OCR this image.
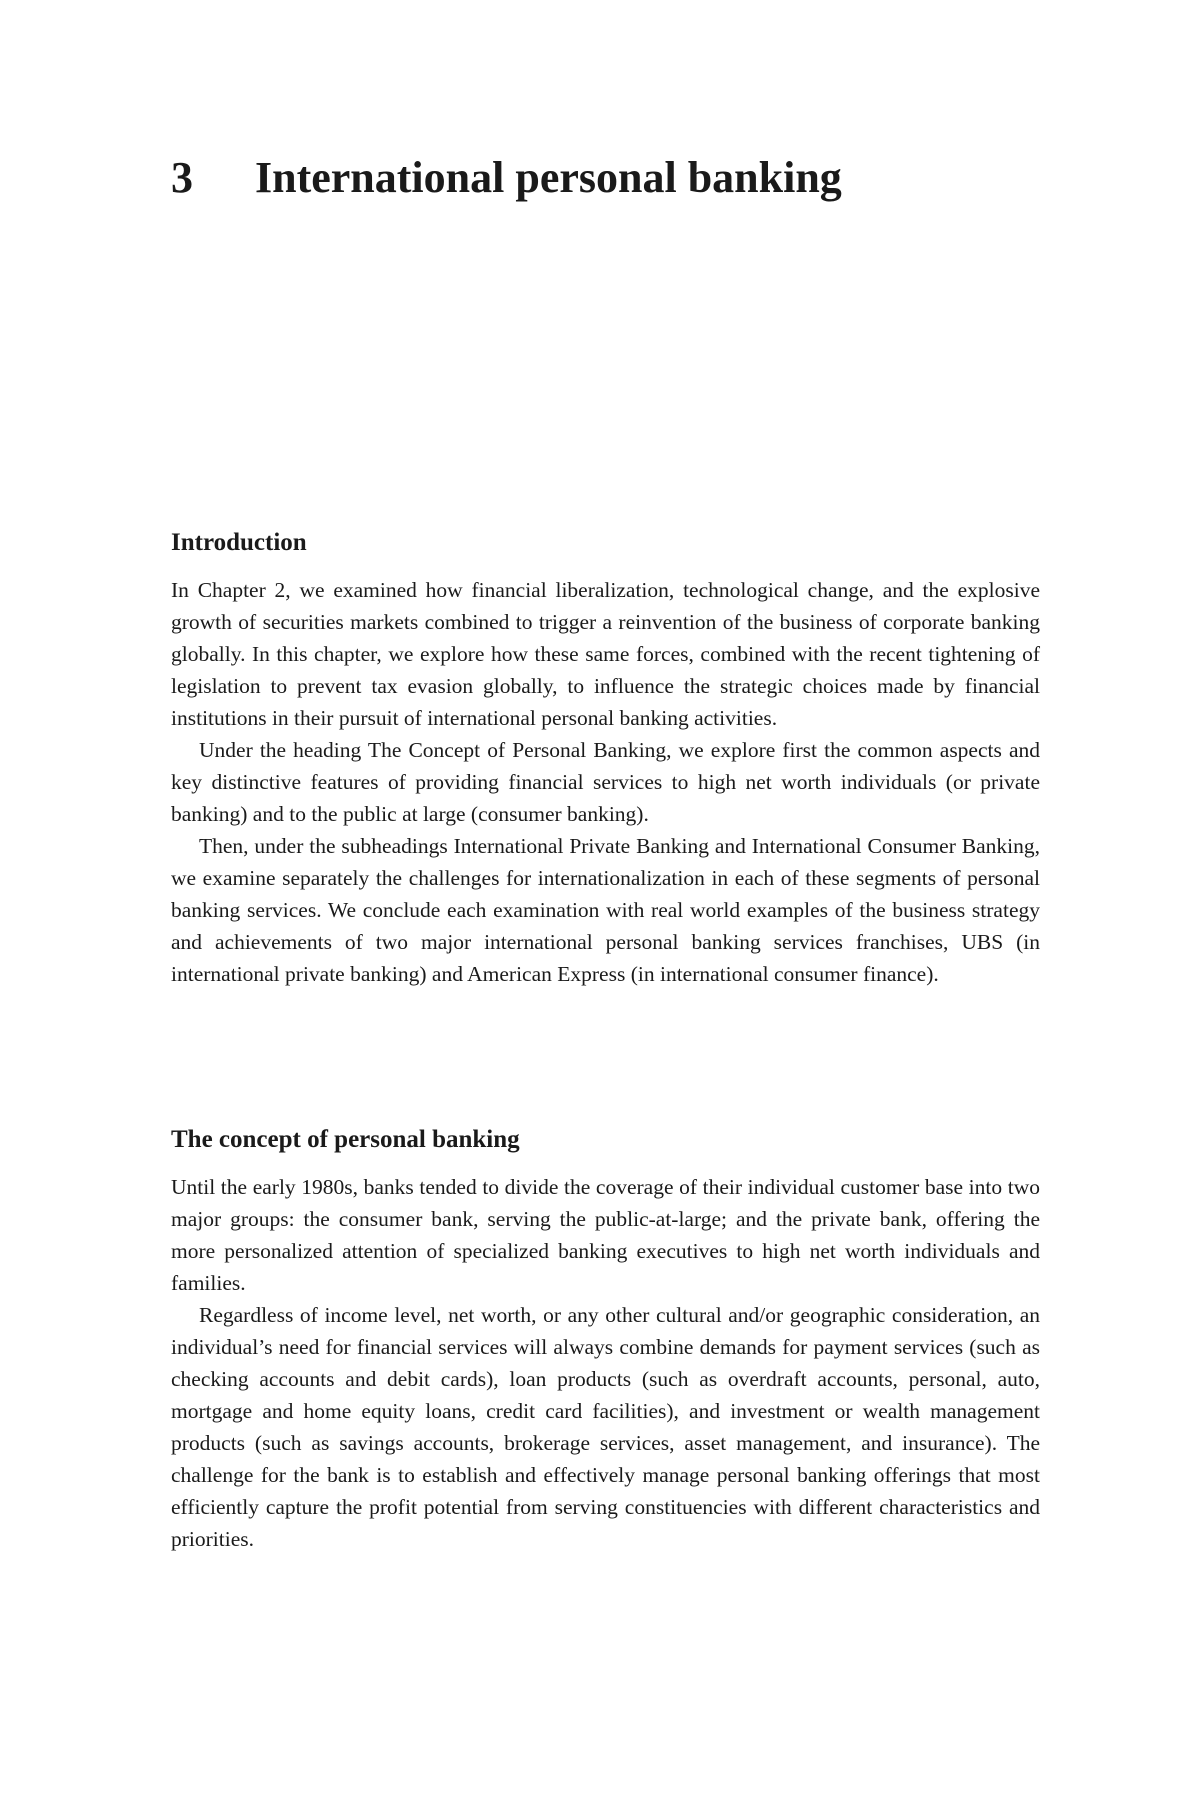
3 International personal banking
Introduction

In Chapter 2, we examined how financial liberalization, technological change, and the explosive growth of securities markets combined to trigger a reinvention of the business of corporate banking globally. In this chapter, we explore how these same forces, combined with the recent tightening of legislation to prevent tax evasion globally, to influence the strategic choices made by financial institutions in their pursuit of international personal banking activities.

Under the heading The Concept of Personal Banking, we explore first the common aspects and key distinctive features of providing financial services to high net worth individuals (or private banking) and to the public at large (consumer banking).

Then, under the subheadings International Private Banking and International Consumer Banking, we examine separately the challenges for internationalization in each of these segments of personal banking services. We conclude each examination with real world examples of the business strategy and achievements of two major international personal banking services franchises, UBS (in international private banking) and American Express (in international consumer finance).

The concept of personal banking

Until the early 1980s, banks tended to divide the coverage of their individual customer base into two major groups: the consumer bank, serving the public-at-large; and the private bank, offering the more personalized attention of specialized banking executives to high net worth individuals and families.

Regardless of income level, net worth, or any other cultural and/or geographic consideration, an individual’s need for financial services will always combine demands for payment services (such as checking accounts and debit cards), loan products (such as overdraft accounts, personal, auto, mortgage and home equity loans, credit card facilities), and investment or wealth management products (such as savings accounts, brokerage services, asset management, and insurance). The challenge for the bank is to establish and effectively manage personal banking offerings that most efficiently capture the profit potential from serving constituencies with different characteristics and priorities.
